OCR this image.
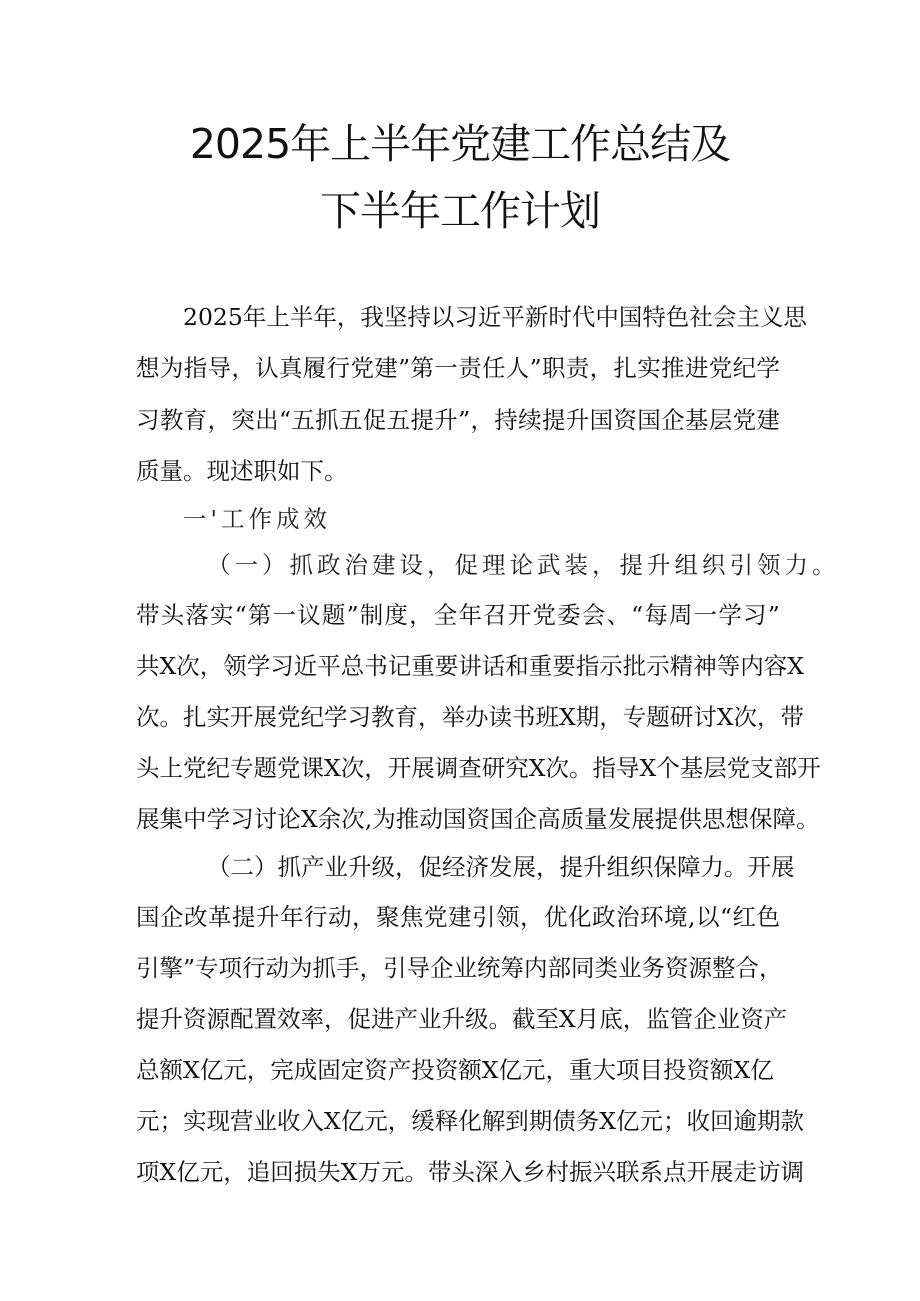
2025年上半年党建工作总结及
下半年工作计划

2 0 2 5 年 上 半 年 ， 我 坚 持 以 习 近 平 新 时 代 中 国 特 色 社 会 主 义 思

想 为 指 导 ， 认 真 履 行 党 建 ” 第 一 责 任 人 ” 职 责 ， 扎 实 推 进 党 纪 学

习 教 育 ， 突 出 “ 五 抓 五 促 五 提 升 ” ， 持 续 提 升 国 资 国 企 基 层 党 建

质量。现述职如下。

一'工作成效

（一）抓政治建设，促理论武装，提升组织引领力。

带 头 落 实 “ 第 一 议 题 ” 制 度 ， 全 年 召 开 党 委 会 、 “ 每 周 一 学 习 ”

共 X 次 ， 领 学 习 近 平 总 书 记 重 要 讲 话 和 重 要 指 示 批 示 精 神 等 内 容 X

次 。 扎 实 开 展 党 纪 学 习 教 育 ， 举 办 读 书 班 X 期 ， 专 题 研 讨 X 次 ， 带

头 上 党 纪 专 题 党 课 X 次 ， 开 展 调 查 研 究 X 次 。 指 导 X 个 基 层 党 支 部 开

展 集 中 学 习 讨 论 X 余 次 , 为 推 动 国 资 国 企 高 质 量 发 展 提 供 思 想 保 障 。

（ 二 ） 抓 产 业 升 级 ， 促 经 济 发 展 ， 提 升 组 织 保 障 力 。 开 展

国 企 改 革 提 升 年 行 动 ， 聚 焦 党 建 引 领 ， 优 化 政 治 环 境 , 以 “ 红 色

引 擎 ” 专 项 行 动 为 抓 手 ， 引 导 企 业 统 筹 内 部 同 类 业 务 资 源 整 合 ，

提 升 资 源 配 置 效 率 ， 促 进 产 业 升 级 。 截 至 X 月 底 ， 监 管 企 业 资 产

总 额 X 亿 元 ， 完 成 固 定 资 产 投 资 额 X 亿 元 ， 重 大 项 目 投 资 额 X 亿

元 ； 实 现 营 业 收 入 X 亿 元 ， 缓 释 化 解 到 期 债 务 X 亿 元 ； 收 回 逾 期 款

项 X 亿 元 ， 追 回 损 失 X 万 元 。 带 头 深 入 乡 村 振 兴 联 系 点 开 展 走 访 调
